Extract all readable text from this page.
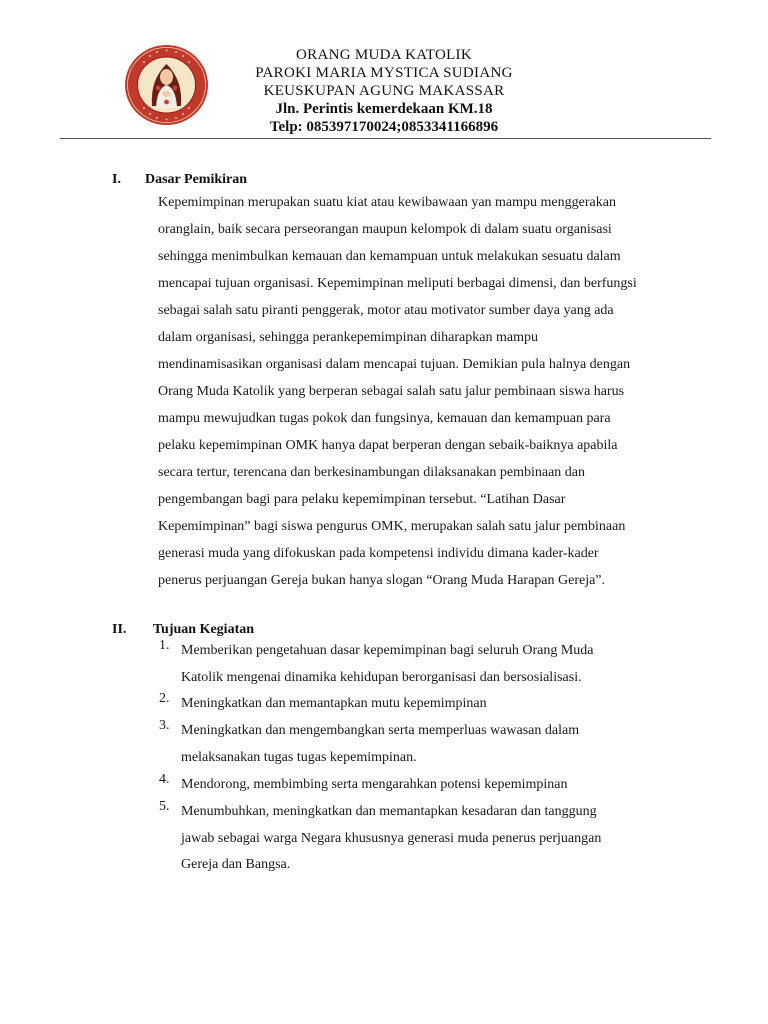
ORANG MUDA KATOLIK
PAROKI MARIA MYSTICA SUDIANG
KEUSKUPAN AGUNG MAKASSAR
Jln. Perintis kemerdekaan KM.18
Telp: 085397170024;0853341166896
I. Dasar Pemikiran
Kepemimpinan merupakan suatu kiat atau kewibawaan yan mampu menggerakan
oranglain, baik secara perseorangan maupun kelompok di dalam suatu organisasi
sehingga menimbulkan kemauan dan kemampuan untuk melakukan sesuatu dalam
mencapai tujuan organisasi. Kepemimpinan meliputi berbagai dimensi, dan berfungsi
sebagai salah satu piranti penggerak, motor atau motivator sumber daya yang ada
dalam organisasi, sehingga perankepemimpinan diharapkan mampu
mendinamisasikan organisasi dalam mencapai tujuan. Demikian pula halnya dengan
Orang Muda Katolik yang berperan sebagai salah satu jalur pembinaan siswa harus
mampu mewujudkan tugas pokok dan fungsinya, kemauan dan kemampuan para
pelaku kepemimpinan OMK hanya dapat berperan dengan sebaik-baiknya apabila
secara tertur, terencana dan berkesinambungan dilaksanakan pembinaan dan
pengembangan bagi para pelaku kepemimpinan tersebut. “Latihan Dasar
Kepemimpinan” bagi siswa pengurus OMK, merupakan salah satu jalur pembinaan
generasi muda yang difokuskan pada kompetensi individu dimana kader-kader
penerus perjuangan Gereja bukan hanya slogan “Orang Muda Harapan Gereja”.
II. Tujuan Kegiatan
1. Memberikan pengetahuan dasar kepemimpinan bagi seluruh Orang Muda
Katolik mengenai dinamika kehidupan berorganisasi dan bersosialisasi.
2. Meningkatkan dan memantapkan mutu kepemimpinan
3. Meningkatkan dan mengembangkan serta memperluas wawasan dalam
melaksanakan tugas tugas kepemimpinan.
4. Mendorong, membimbing serta mengarahkan potensi kepemimpinan
5. Menumbuhkan, meningkatkan dan memantapkan kesadaran dan tanggung
jawab sebagai warga Negara khususnya generasi muda penerus perjuangan
Gereja dan Bangsa.
